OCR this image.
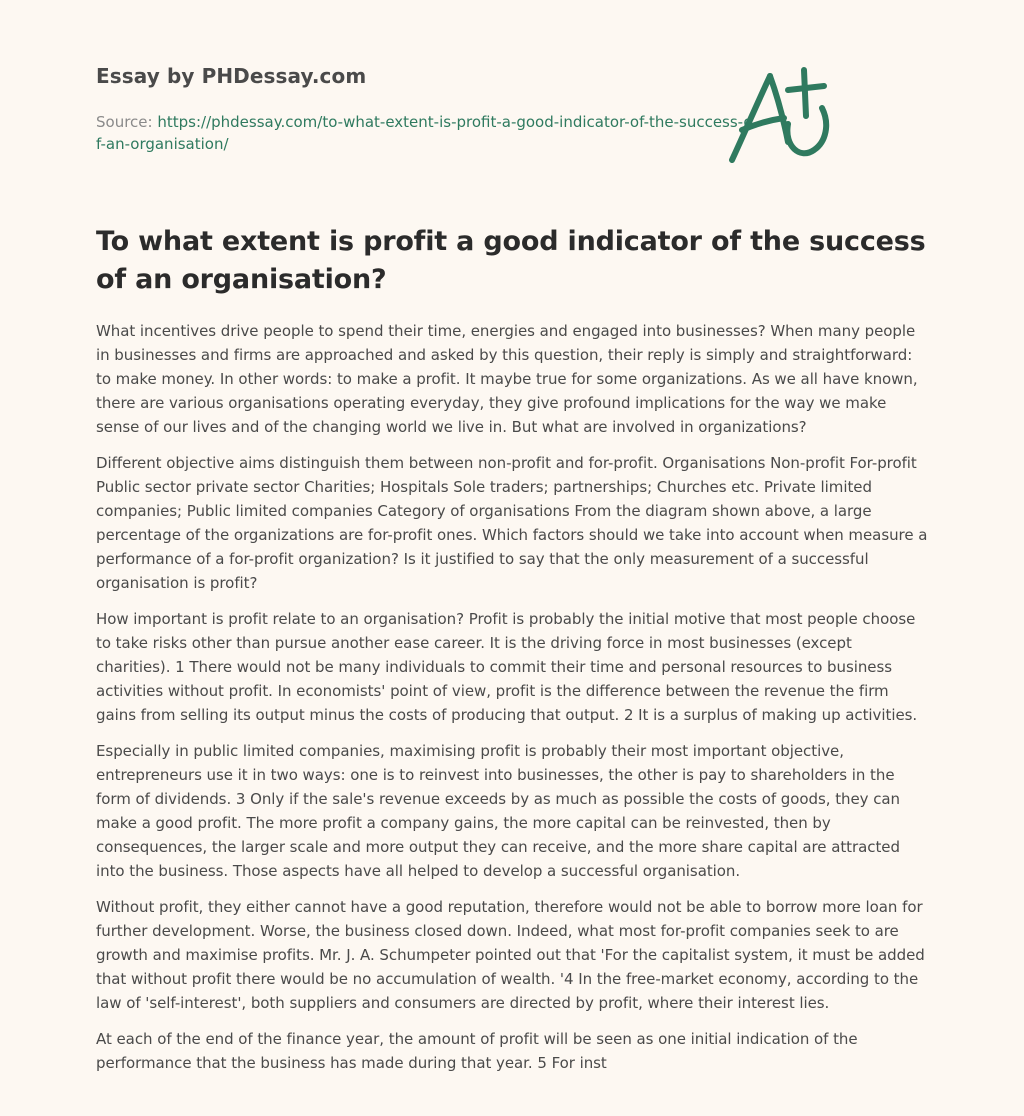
Essay by PHDessay.com
Source: https://phdessay.com/to-what-extent-is-profit-a-good-indicator-of-the-success-of-an-organisation/
To what extent is profit a good indicator of the success of an organisation?

What incentives drive people to spend their time, energies and engaged into businesses? When many people in businesses and firms are approached and asked by this question, their reply is simply and straightforward: to make money. In other words: to make a profit. It maybe true for some organizations. As we all have known, there are various organisations operating everyday, they give profound implications for the way we make sense of our lives and of the changing world we live in. But what are involved in organizations?

Different objective aims distinguish them between non-profit and for-profit. Organisations Non-profit For-profit Public sector private sector Charities; Hospitals Sole traders; partnerships; Churches etc. Private limited companies; Public limited companies Category of organisations From the diagram shown above, a large percentage of the organizations are for-profit ones. Which factors should we take into account when measure a performance of a for-profit organization? Is it justified to say that the only measurement of a successful organisation is profit?

How important is profit relate to an organisation? Profit is probably the initial motive that most people choose to take risks other than pursue another ease career. It is the driving force in most businesses (except charities). 1 There would not be many individuals to commit their time and personal resources to business activities without profit. In economists' point of view, profit is the difference between the revenue the firm gains from selling its output minus the costs of producing that output. 2 It is a surplus of making up activities.

Especially in public limited companies, maximising profit is probably their most important objective, entrepreneurs use it in two ways: one is to reinvest into businesses, the other is pay to shareholders in the form of dividends. 3 Only if the sale's revenue exceeds by as much as possible the costs of goods, they can make a good profit. The more profit a company gains, the more capital can be reinvested, then by consequences, the larger scale and more output they can receive, and the more share capital are attracted into the business. Those aspects have all helped to develop a successful organisation.

Without profit, they either cannot have a good reputation, therefore would not be able to borrow more loan for further development. Worse, the business closed down. Indeed, what most for-profit companies seek to are growth and maximise profits. Mr. J. A. Schumpeter pointed out that 'For the capitalist system, it must be added that without profit there would be no accumulation of wealth. '4 In the free-market economy, according to the law of 'self-interest', both suppliers and consumers are directed by profit, where their interest lies.

At each of the end of the finance year, the amount of profit will be seen as one initial indication of the performance that the business has made during that year. 5 For inst
